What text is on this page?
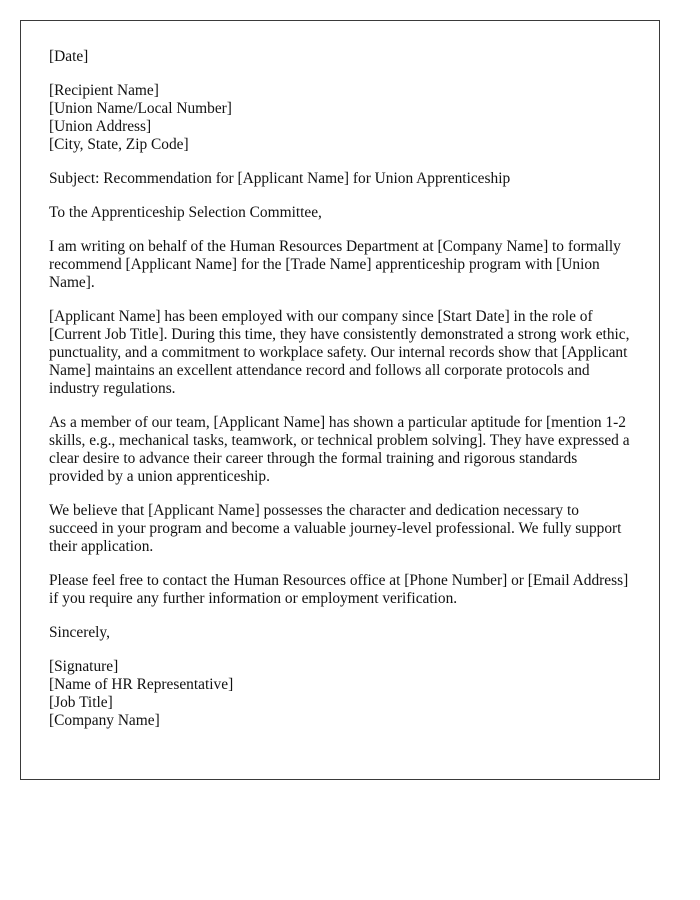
[Date]
[Recipient Name]
[Union Name/Local Number]
[Union Address]
[City, State, Zip Code]

Subject: Recommendation for [Applicant Name] for Union Apprenticeship

To the Apprenticeship Selection Committee,

I am writing on behalf of the Human Resources Department at [Company Name] to formally recommend [Applicant Name] for the [Trade Name] apprenticeship program with [Union Name].

[Applicant Name] has been employed with our company since [Start Date] in the role of [Current Job Title]. During this time, they have consistently demonstrated a strong work ethic, punctuality, and a commitment to workplace safety. Our internal records show that [Applicant Name] maintains an excellent attendance record and follows all corporate protocols and industry regulations.

As a member of our team, [Applicant Name] has shown a particular aptitude for [mention 1-2 skills, e.g., mechanical tasks, teamwork, or technical problem solving]. They have expressed a clear desire to advance their career through the formal training and rigorous standards provided by a union apprenticeship.

We believe that [Applicant Name] possesses the character and dedication necessary to succeed in your program and become a valuable journey-level professional. We fully support their application.

Please feel free to contact the Human Resources office at [Phone Number] or [Email Address] if you require any further information or employment verification.

Sincerely,

[Signature]
[Name of HR Representative]
[Job Title]
[Company Name]
